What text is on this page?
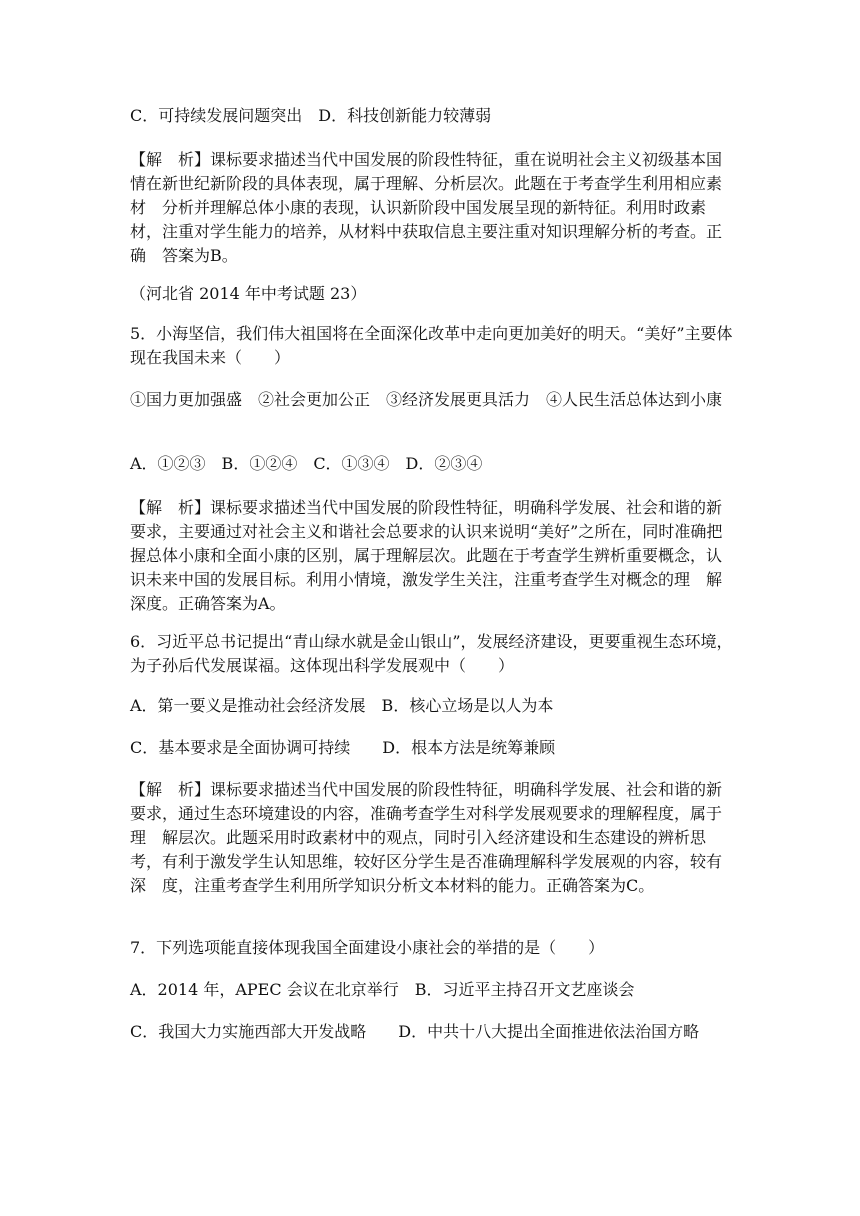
C．可持续发展问题突出　D．科技创新能力较薄弱

【解　析】课标要求描述当代中国发展的阶段性特征，重在说明社会主义初级基本国情在新世纪新阶段的具体表现，属于理解、分析层次。此题在于考查学生利用相应素材　分析并理解总体小康的表现，认识新阶段中国发展呈现的新特征。利用时政素材，注重对学生能力的培养，从材料中获取信息主要注重对知识理解分析的考查。正确　答案为B。

（河北省 2014 年中考试题 23）

5．小海坚信，我们伟大祖国将在全面深化改革中走向更加美好的明天。“美好”主要体现在我国未来（　　）

①国力更加强盛　②社会更加公正　③经济发展更具活力　④人民生活总体达到小康

A．①②③　B．①②④　C．①③④　D．②③④

【解　析】课标要求描述当代中国发展的阶段性特征，明确科学发展、社会和谐的新要求，主要通过对社会主义和谐社会总要求的认识来说明“美好”之所在，同时准确把　握总体小康和全面小康的区别，属于理解层次。此题在于考查学生辨析重要概念，认识未来中国的发展目标。利用小情境，激发学生关注，注重考查学生对概念的理　解深度。正确答案为A。

6．习近平总书记提出“青山绿水就是金山银山”，发展经济建设，更要重视生态环境，为子孙后代发展谋福。这体现出科学发展观中（　　）

A．第一要义是推动社会经济发展　B．核心立场是以人为本

C．基本要求是全面协调可持续　　D．根本方法是统筹兼顾

【解　析】课标要求描述当代中国发展的阶段性特征，明确科学发展、社会和谐的新要求，通过生态环境建设的内容，准确考查学生对科学发展观要求的理解程度，属于理　解层次。此题采用时政素材中的观点，同时引入经济建设和生态建设的辨析思考，有利于激发学生认知思维，较好区分学生是否准确理解科学发展观的内容，较有深　度，注重考查学生利用所学知识分析文本材料的能力。正确答案为C。

7．下列选项能直接体现我国全面建设小康社会的举措的是（　　）

A．2014 年，APEC 会议在北京举行　B．习近平主持召开文艺座谈会

C．我国大力实施西部大开发战略　　D．中共十八大提出全面推进依法治国方略
